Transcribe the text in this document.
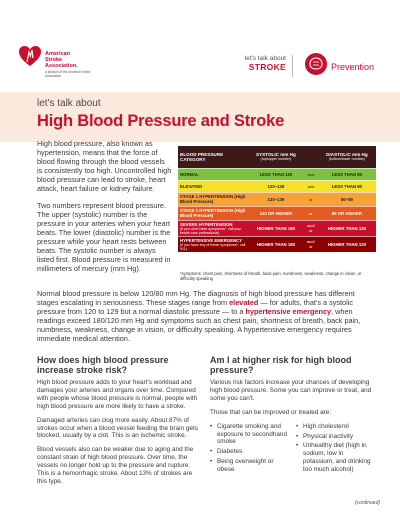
American
Stroke
Association.
A division of the American Heart Association
let's talk about
STROKE	Prevention
let's talk about
High Blood Pressure and Stroke

High blood pressure, also known as hypertension, means that the force of blood flowing through the blood vessels is consistently too high. Uncontrolled high blood pressure can lead to stroke, heart attack, heart failure or kidney failure.

Two numbers represent blood pressure. The upper (systolic) number is the pressure in your arteries when your heart beats. The lower (diastolic) number is the pressure while your heart rests between beats. The systolic number is always listed first. Blood pressure is measured in millimeters of mercury (mm Hg).

BLOOD PRESSURE CATEGORY	SYSTOLIC mm Hg
(top/upper number)		DIASTOLIC mm Hg
(bottom/lower number)

NORMAL	LESS THAN 120	and	LESS THAN 80
ELEVATED	120–129	and	LESS THAN 80
STAGE 1 HYPERTENSION (High Blood Pressure)	130–139	or	80–89
STAGE 2 HYPERTENSION (High Blood Pressure)	140 OR HIGHER	or	90 OR HIGHER
SEVERE HYPERTENSION
(if you don't have symptoms*, call your health care professional)	HIGHER THAN 180	and/ or	HIGHER THAN 120
HYPERTENSIVE EMERGENCY
(if you have any of these symptoms*, call 911)	HIGHER THAN 180	and/ or	HIGHER THAN 120
*symptoms: chest pain, shortness of breath, back pain, numbness, weakness, change in vision, or difficulty speaking
Normal blood pressure is below 120/80 mm Hg. The diagnosis of high blood pressure has different stages escalating in seriousness. These stages range from elevated — for adults, that's a systolic pressure from 120 to 129 but a normal diastolic pressure — to a hypertensive emergency, when readings exceed 180/120 mm Hg and symptoms such as chest pain, shortness of breath, back pain, numbness, weakness, change in vision, or difficulty speaking. A hypertensive emergency requires immediate medical attention.
How does high blood pressure increase stroke risk?

High blood pressure adds to your heart's workload and damages your arteries and organs over time. Compared with people whose blood pressure is normal, people with high blood pressure are more likely to have a stroke.

Damaged arteries can clog more easily. About 87% of strokes occur when a blood vessel feeding the brain gets blocked, usually by a clot. This is an ischemic stroke.

Blood vessels also can be weaker due to aging and the constant strain of high blood pressure. Over time, the vessels no longer hold up to the pressure and rupture. This is a hemorrhagic stroke. About 13% of strokes are this type.

Am I at higher risk for high blood pressure?

Various risk factors increase your chances of developing high blood pressure. Some you can improve or treat, and some you can't.

Those that can be improved or treated are:

• Cigarette smoking and exposure to secondhand smoke
• Diabetes
• Being overweight or obese
• High cholesterol
• Physical inactivity
• Unhealthy diet (high in sodium, low in potassium, and drinking too much alcohol)
(continued)
